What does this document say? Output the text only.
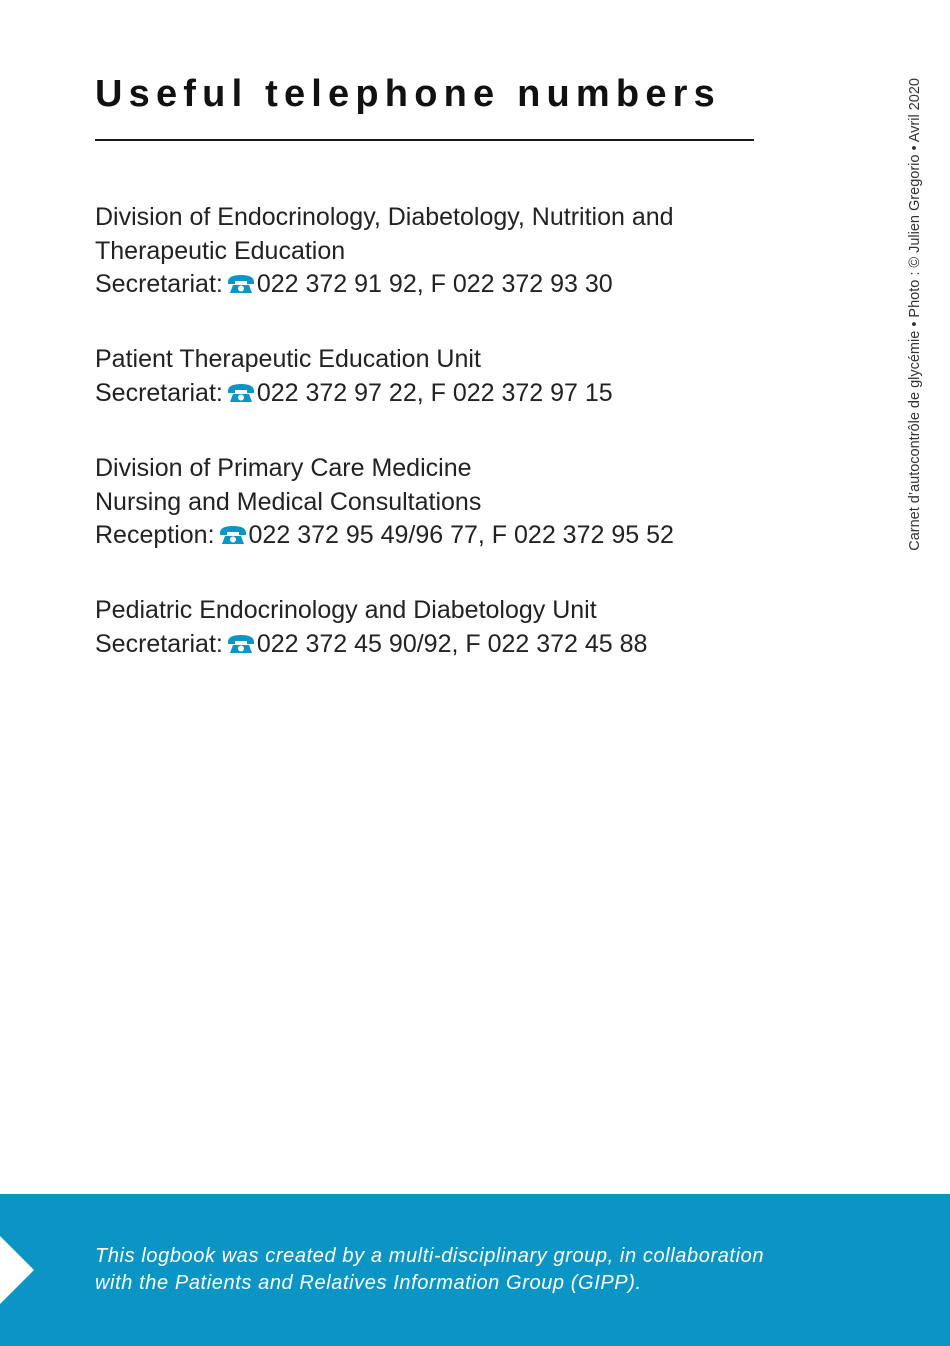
Useful telephone numbers
Division of Endocrinology, Diabetology, Nutrition and
Therapeutic Education
Secretariat: 022 372 91 92, F 022 372 93 30
Patient Therapeutic Education Unit
Secretariat: 022 372 97 22, F 022 372 97 15
Division of Primary Care Medicine
Nursing and Medical Consultations
Reception: 022 372 95 49/96 77, F 022 372 95 52
Pediatric Endocrinology and Diabetology Unit
Secretariat: 022 372 45 90/92, F 022 372 45 88
Carnet d’autocontrôle de glycémie • Photo : © Julien Gregorio • Avril 2020

This logbook was created by a multi-disciplinary group, in collaboration
with the Patients and Relatives Information Group (GIPP).
